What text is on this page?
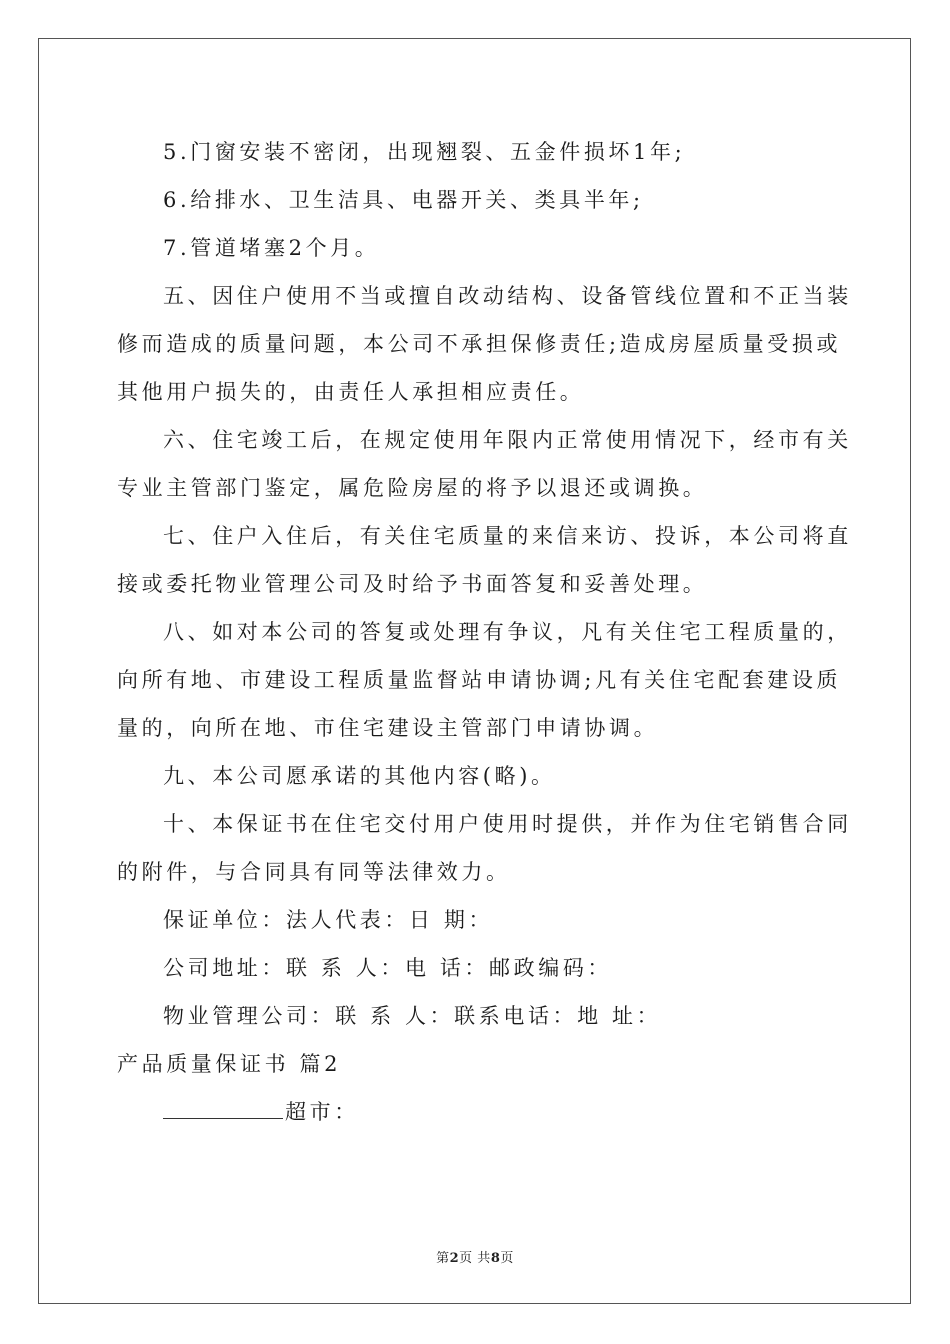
5.门窗安装不密闭，出现翘裂、五金件损坏1年;
6.给排水、卫生洁具、电器开关、类具半年;
7.管道堵塞2个月。
五、因住户使用不当或擅自改动结构、设备管线位置和不正当装
修而造成的质量问题，本公司不承担保修责任;造成房屋质量受损或
其他用户损失的，由责任人承担相应责任。
六、住宅竣工后，在规定使用年限内正常使用情况下，经市有关
专业主管部门鉴定，属危险房屋的将予以退还或调换。
七、住户入住后，有关住宅质量的来信来访、投诉，本公司将直
接或委托物业管理公司及时给予书面答复和妥善处理。
八、如对本公司的答复或处理有争议，凡有关住宅工程质量的，
向所有地、市建设工程质量监督站申请协调;凡有关住宅配套建设质
量的，向所在地、市住宅建设主管部门申请协调。
九、本公司愿承诺的其他内容(略)。
十、本保证书在住宅交付用户使用时提供，并作为住宅销售合同
的附件，与合同具有同等法律效力。
保证单位：法人代表：日 期：
公司地址：联 系 人：电 话：邮政编码：
物业管理公司：联 系 人：联系电话：地 址：
产品质量保证书 篇2
超市：
第2页 共8页
